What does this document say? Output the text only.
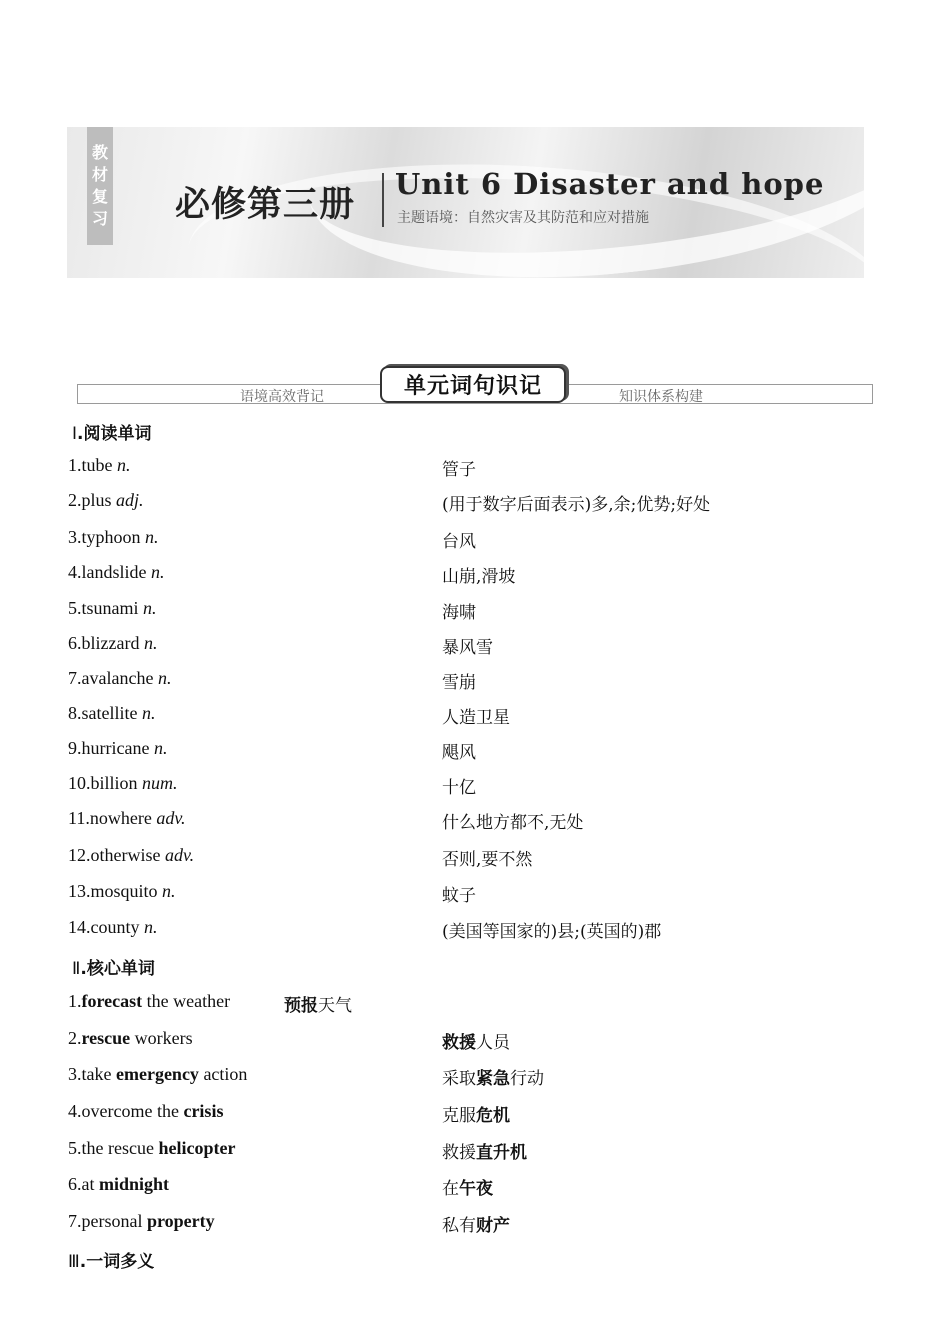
教
材
复
习 必修第三册
Unit 6 Disaster and hope
主题语境：自然灾害及其防范和应对措施
语境高效背记	知识体系构建
单元词句识记
Ⅰ.阅读单词
1.tube n.	管子
2.plus adj.	(用于数字后面表示)多,余;优势;好处
3.typhoon n.	台风
4.landslide n.	山崩,滑坡
5.tsunami n.	海啸
6.blizzard n.	暴风雪
7.avalanche n.	雪崩
8.satellite n.	人造卫星
9.hurricane n.	飓风
10.billion num.	十亿
11.nowhere adv.	什么地方都不,无处
12.otherwise adv.	否则,要不然
13.mosquito n.	蚊子
14.county n.	(美国等国家的)县;(英国的)郡
Ⅱ.核心单词
1.forecast the weather	预报天气
2.rescue workers	救援人员
3.take emergency action	采取紧急行动
4.overcome the crisis	克服危机
5.the rescue helicopter	救援直升机
6.at midnight	在午夜
7.personal property	私有财产
Ⅲ.一词多义
